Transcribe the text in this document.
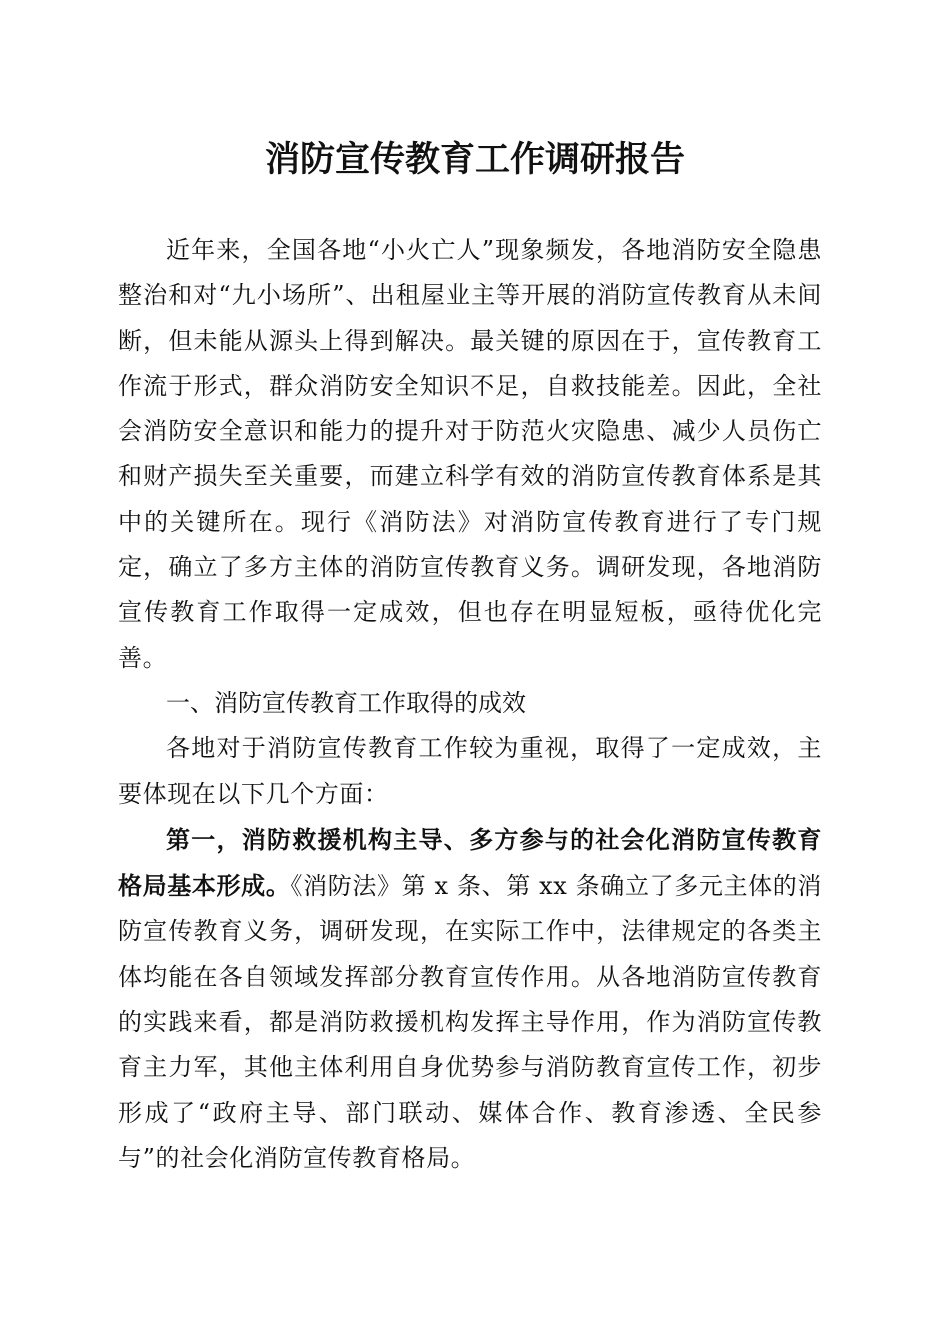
消防宣传教育工作调研报告

近年来，全国各地“小火亡人”现象频发，各地消防安全隐患整治和对“九小场所”、出租屋业主等开展的消防宣传教育从未间断，但未能从源头上得到解决。最关键的原因在于，宣传教育工作流于形式，群众消防安全知识不足，自救技能差。因此，全社会消防安全意识和能力的提升对于防范火灾隐患、减少人员伤亡和财产损失至关重要，而建立科学有效的消防宣传教育体系是其中的关键所在。现行《消防法》对消防宣传教育进行了专门规定，确立了多方主体的消防宣传教育义务。调研发现，各地消防宣传教育工作取得一定成效，但也存在明显短板，亟待优化完善。

一、消防宣传教育工作取得的成效

各地对于消防宣传教育工作较为重视，取得了一定成效，主要体现在以下几个方面：

第一，消防救援机构主导、多方参与的社会化消防宣传教育格局基本形成。《消防法》第 x 条、第 xx 条确立了多元主体的消防宣传教育义务，调研发现，在实际工作中，法律规定的各类主体均能在各自领域发挥部分教育宣传作用。从各地消防宣传教育的实践来看，都是消防救援机构发挥主导作用，作为消防宣传教育主力军，其他主体利用自身优势参与消防教育宣传工作，初步形成了“政府主导、部门联动、媒体合作、教育渗透、全民参与”的社会化消防宣传教育格局。
